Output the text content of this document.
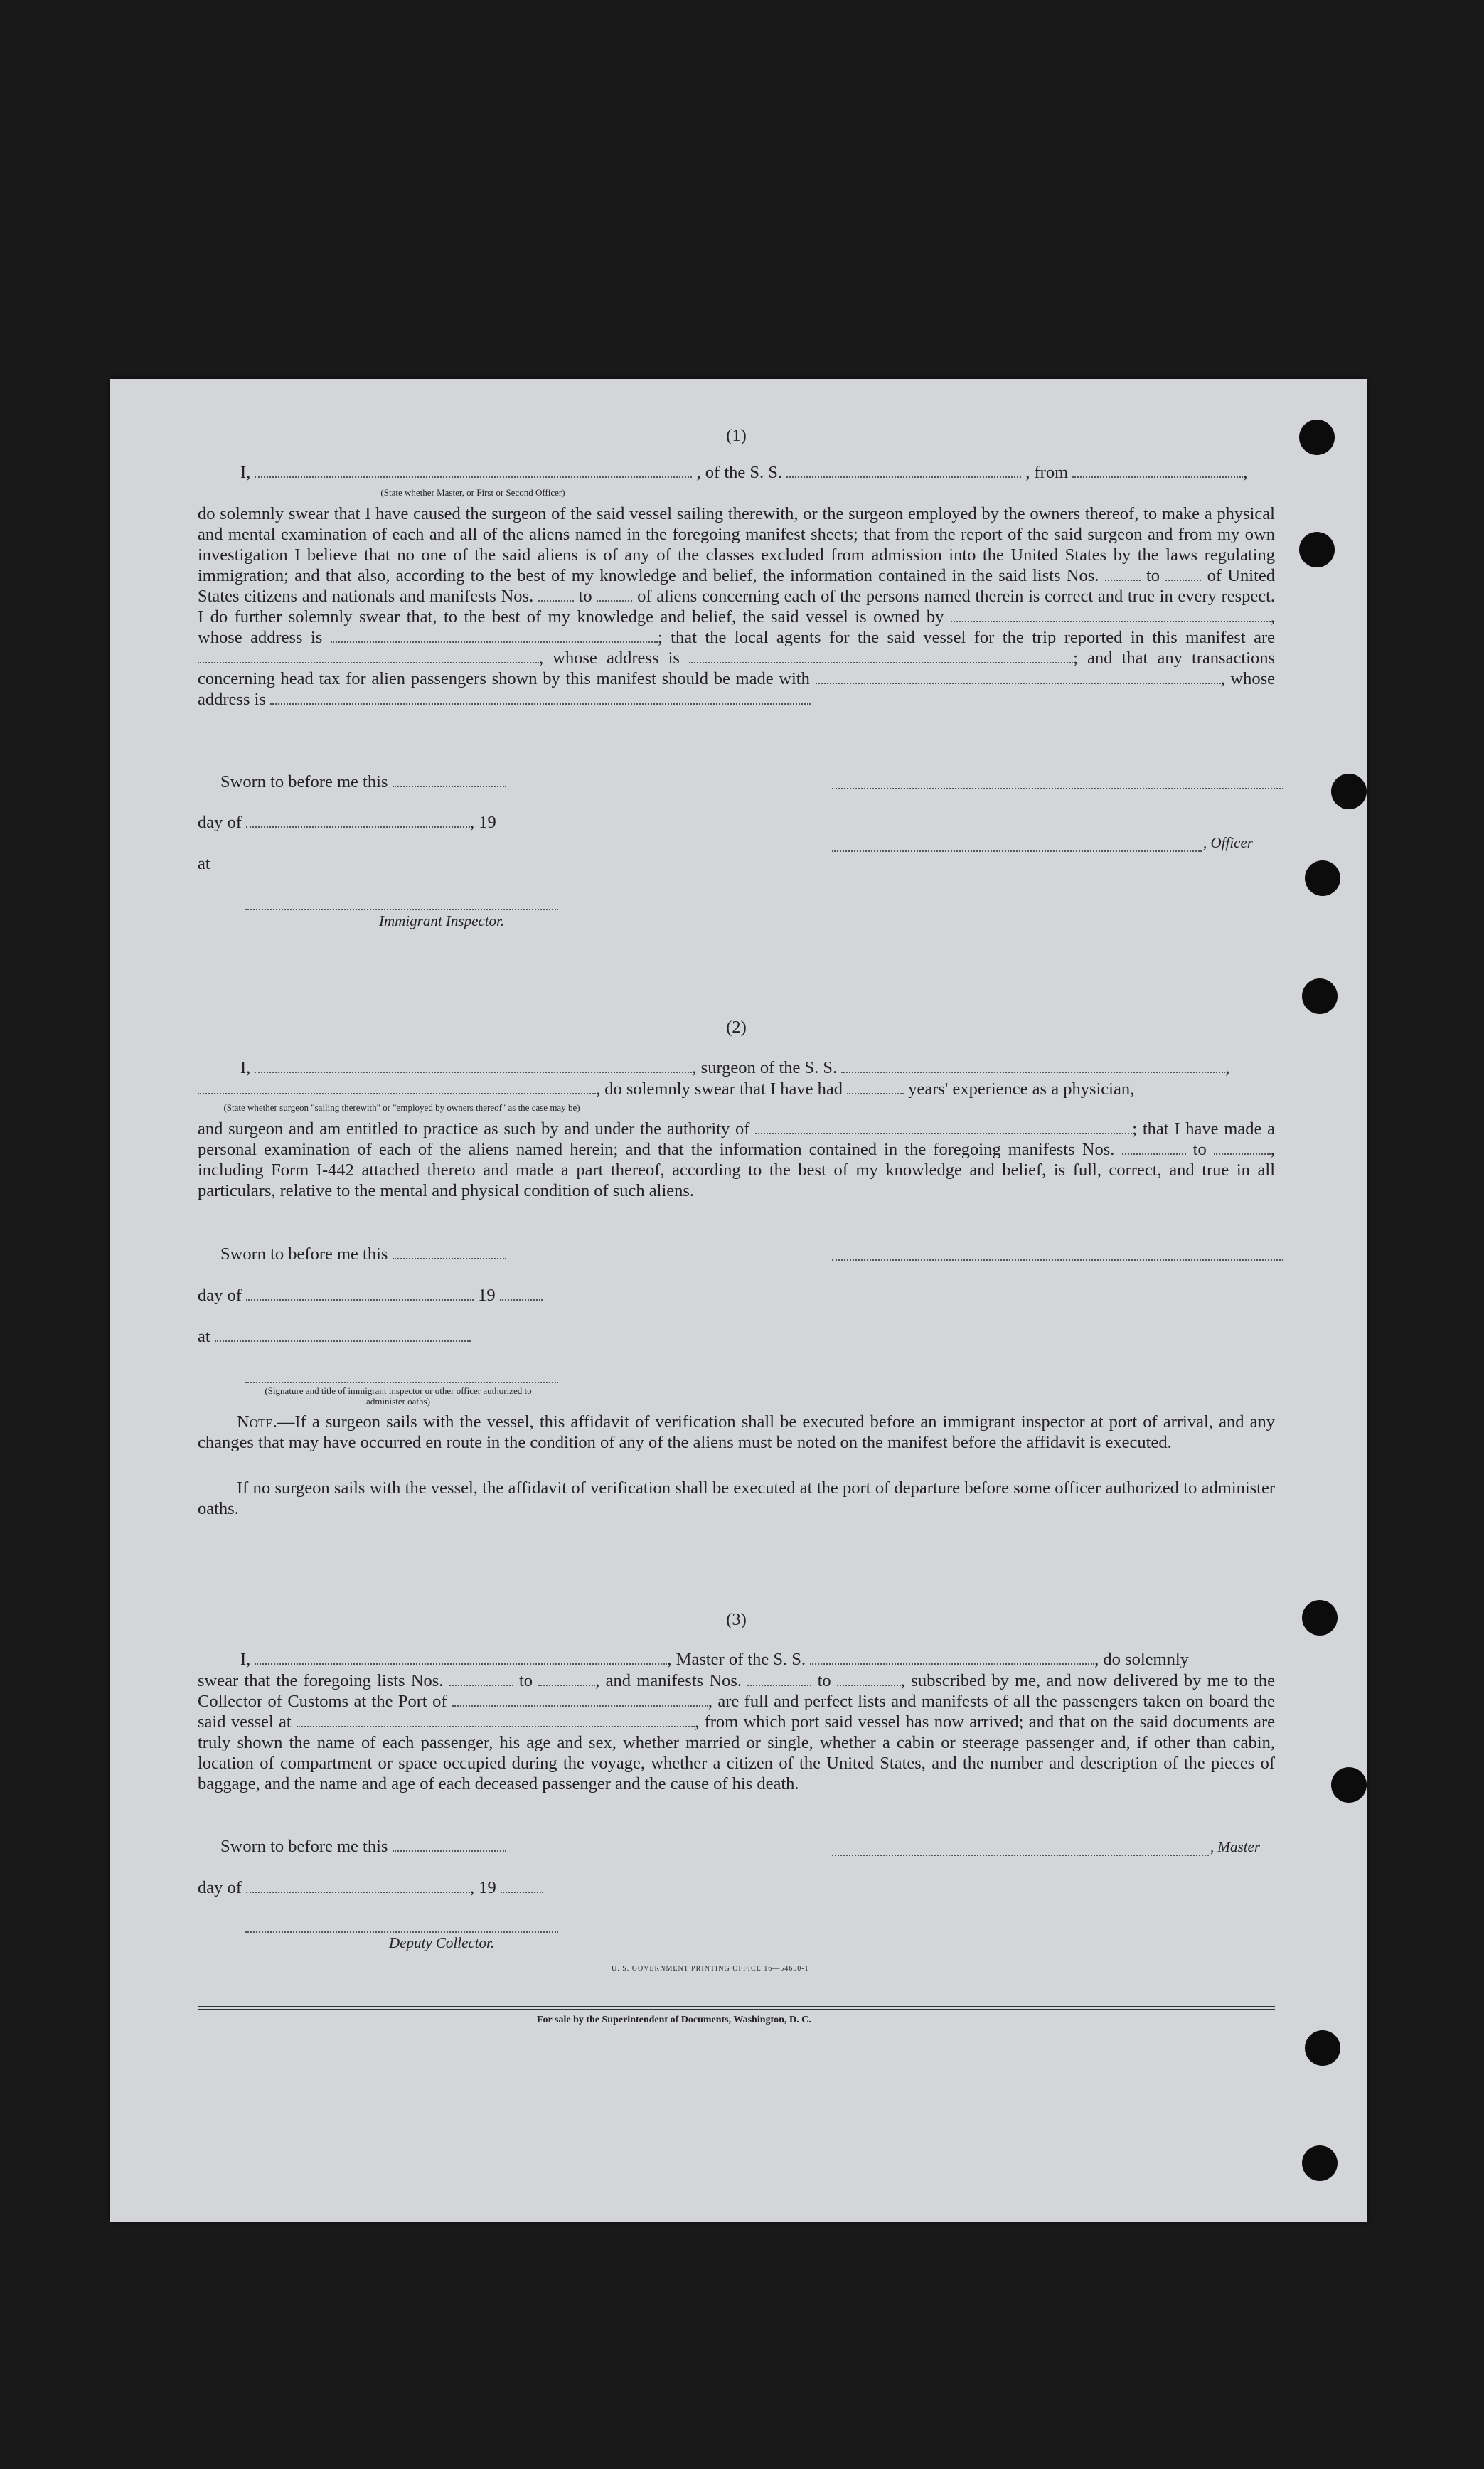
(1)
I,	, of the S. S.	, from	,
(State whether Master, or First or Second Officer)
do solemnly swear that I have caused the surgeon of the said vessel sailing therewith, or the surgeon employed by the owners thereof, to make a physical and mental examination of each and all of the aliens named in the foregoing manifest sheets; that from the report of the said surgeon and from my own investigation I believe that no one of the said aliens is of any of the classes excluded from admission into the United States by the laws regulating immigration; and that also, according to the best of my knowledge and belief, the information contained in the said lists Nos.	to	of United States citizens and nationals and manifests Nos.	to	of aliens concerning each of the persons named therein is correct and true in every respect. I do further solemnly swear that, to the best of my knowledge and belief, the said vessel is owned by	, whose address is	; that the local agents for the said vessel for the trip reported in this manifest are , whose address is	; and that any transactions concerning head tax for alien passengers shown by this manifest should be made with	, whose address is
Sworn to before me this
day of	, 19
, Officer
at
Immigrant Inspector.
(2)
I,	, surgeon of the S. S.	,
, do solemnly swear that I have had	years' experience as a physician,
(State whether surgeon "sailing therewith" or "employed by owners thereof" as the case may be)
and surgeon and am entitled to practice as such by and under the authority of	; that I have made a personal examination of each of the aliens named herein; and that the information contained in the foregoing manifests Nos.	to	, including Form I-442 attached thereto and made a part thereof, according to the best of my knowledge and belief, is full, correct, and true in all particulars, relative to the mental and physical condition of such aliens.
Sworn to before me this
day of	19
at
(Signature and title of immigrant inspector or other officer authorized to administer oaths)
Note.—If a surgeon sails with the vessel, this affidavit of verification shall be executed before an immigrant inspector at port of arrival, and any changes that may have occurred en route in the condition of any of the aliens must be noted on the manifest before the affidavit is executed.
If no surgeon sails with the vessel, the affidavit of verification shall be executed at the port of departure before some officer authorized to administer oaths.
(3)
I,	, Master of the S. S.	, do solemnly
swear that the foregoing lists Nos.	to	, and manifests Nos.	to	, subscribed by me, and now delivered by me to the Collector of Customs at the Port of	, are full and perfect lists and manifests of all the passengers taken on board the said vessel at	, from which port said vessel has now arrived; and that on the said documents are truly shown the name of each passenger, his age and sex, whether married or single, whether a cabin or steerage passenger and, if other than cabin, location of compartment or space occupied during the voyage, whether a citizen of the United States, and the number and description of the pieces of baggage, and the name and age of each deceased passenger and the cause of his death.
Sworn to before me this	, Master
day of	, 19
Deputy Collector.
U. S. GOVERNMENT PRINTING OFFICE 16—54650-1
For sale by the Superintendent of Documents, Washington, D. C.
